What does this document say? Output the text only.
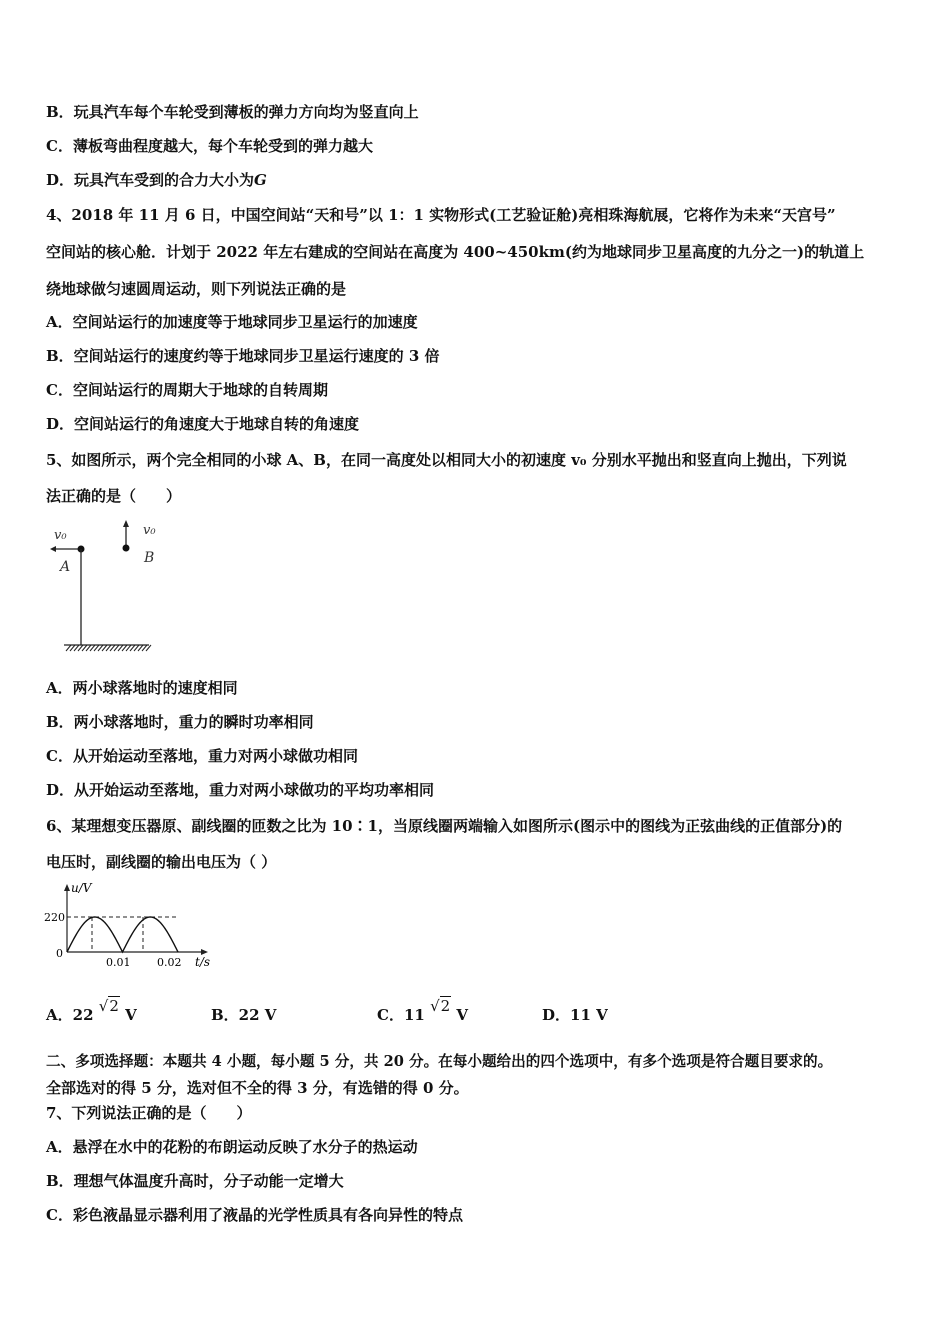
B．玩具汽车每个车轮受到薄板的弹力方向均为竖直向上
C．薄板弯曲程度越大，每个车轮受到的弹力越大
D．玩具汽车受到的合力大小为G
4、2018 年 11 月 6 日，中国空间站“天和号”以 1：1 实物形式(工艺验证舱)亮相珠海航展，它将作为未来“天宫号”
空间站的核心舱．计划于 2022 年左右建成的空间站在高度为 400~450km(约为地球同步卫星高度的九分之一)的轨道上
绕地球做匀速圆周运动，则下列说法正确的是
A．空间站运行的加速度等于地球同步卫星运行的加速度
B．空间站运行的速度约等于地球同步卫星运行速度的 3 倍
C．空间站运行的周期大于地球的自转周期
D．空间站运行的角速度大于地球自转的角速度
5、如图所示，两个完全相同的小球 A、B，在同一高度处以相同大小的初速度 v₀ 分别水平抛出和竖直向上抛出，下列说
法正确的是（　　）
v₀
A
v₀
B
A．两小球落地时的速度相同
B．两小球落地时，重力的瞬时功率相同
C．从开始运动至落地，重力对两小球做功相同
D．从开始运动至落地，重力对两小球做功的平均功率相同
6、某理想变压器原、副线圈的匝数之比为 10∶1，当原线圈两端输入如图所示(图示中的图线为正弦曲线的正值部分)的
电压时，副线圈的输出电压为（ ）
u/V
t/s
220
0
0.01 0.02
A．22 √2 V	B．22 V	C．11 √2 V	D．11 V
二、多项选择题：本题共 4 小题，每小题 5 分，共 20 分。在每小题给出的四个选项中，有多个选项是符合题目要求的。
全部选对的得 5 分，选对但不全的得 3 分，有选错的得 0 分。
7、下列说法正确的是（　　）
A．悬浮在水中的花粉的布朗运动反映了水分子的热运动
B．理想气体温度升高时，分子动能一定增大
C．彩色液晶显示器利用了液晶的光学性质具有各向异性的特点
